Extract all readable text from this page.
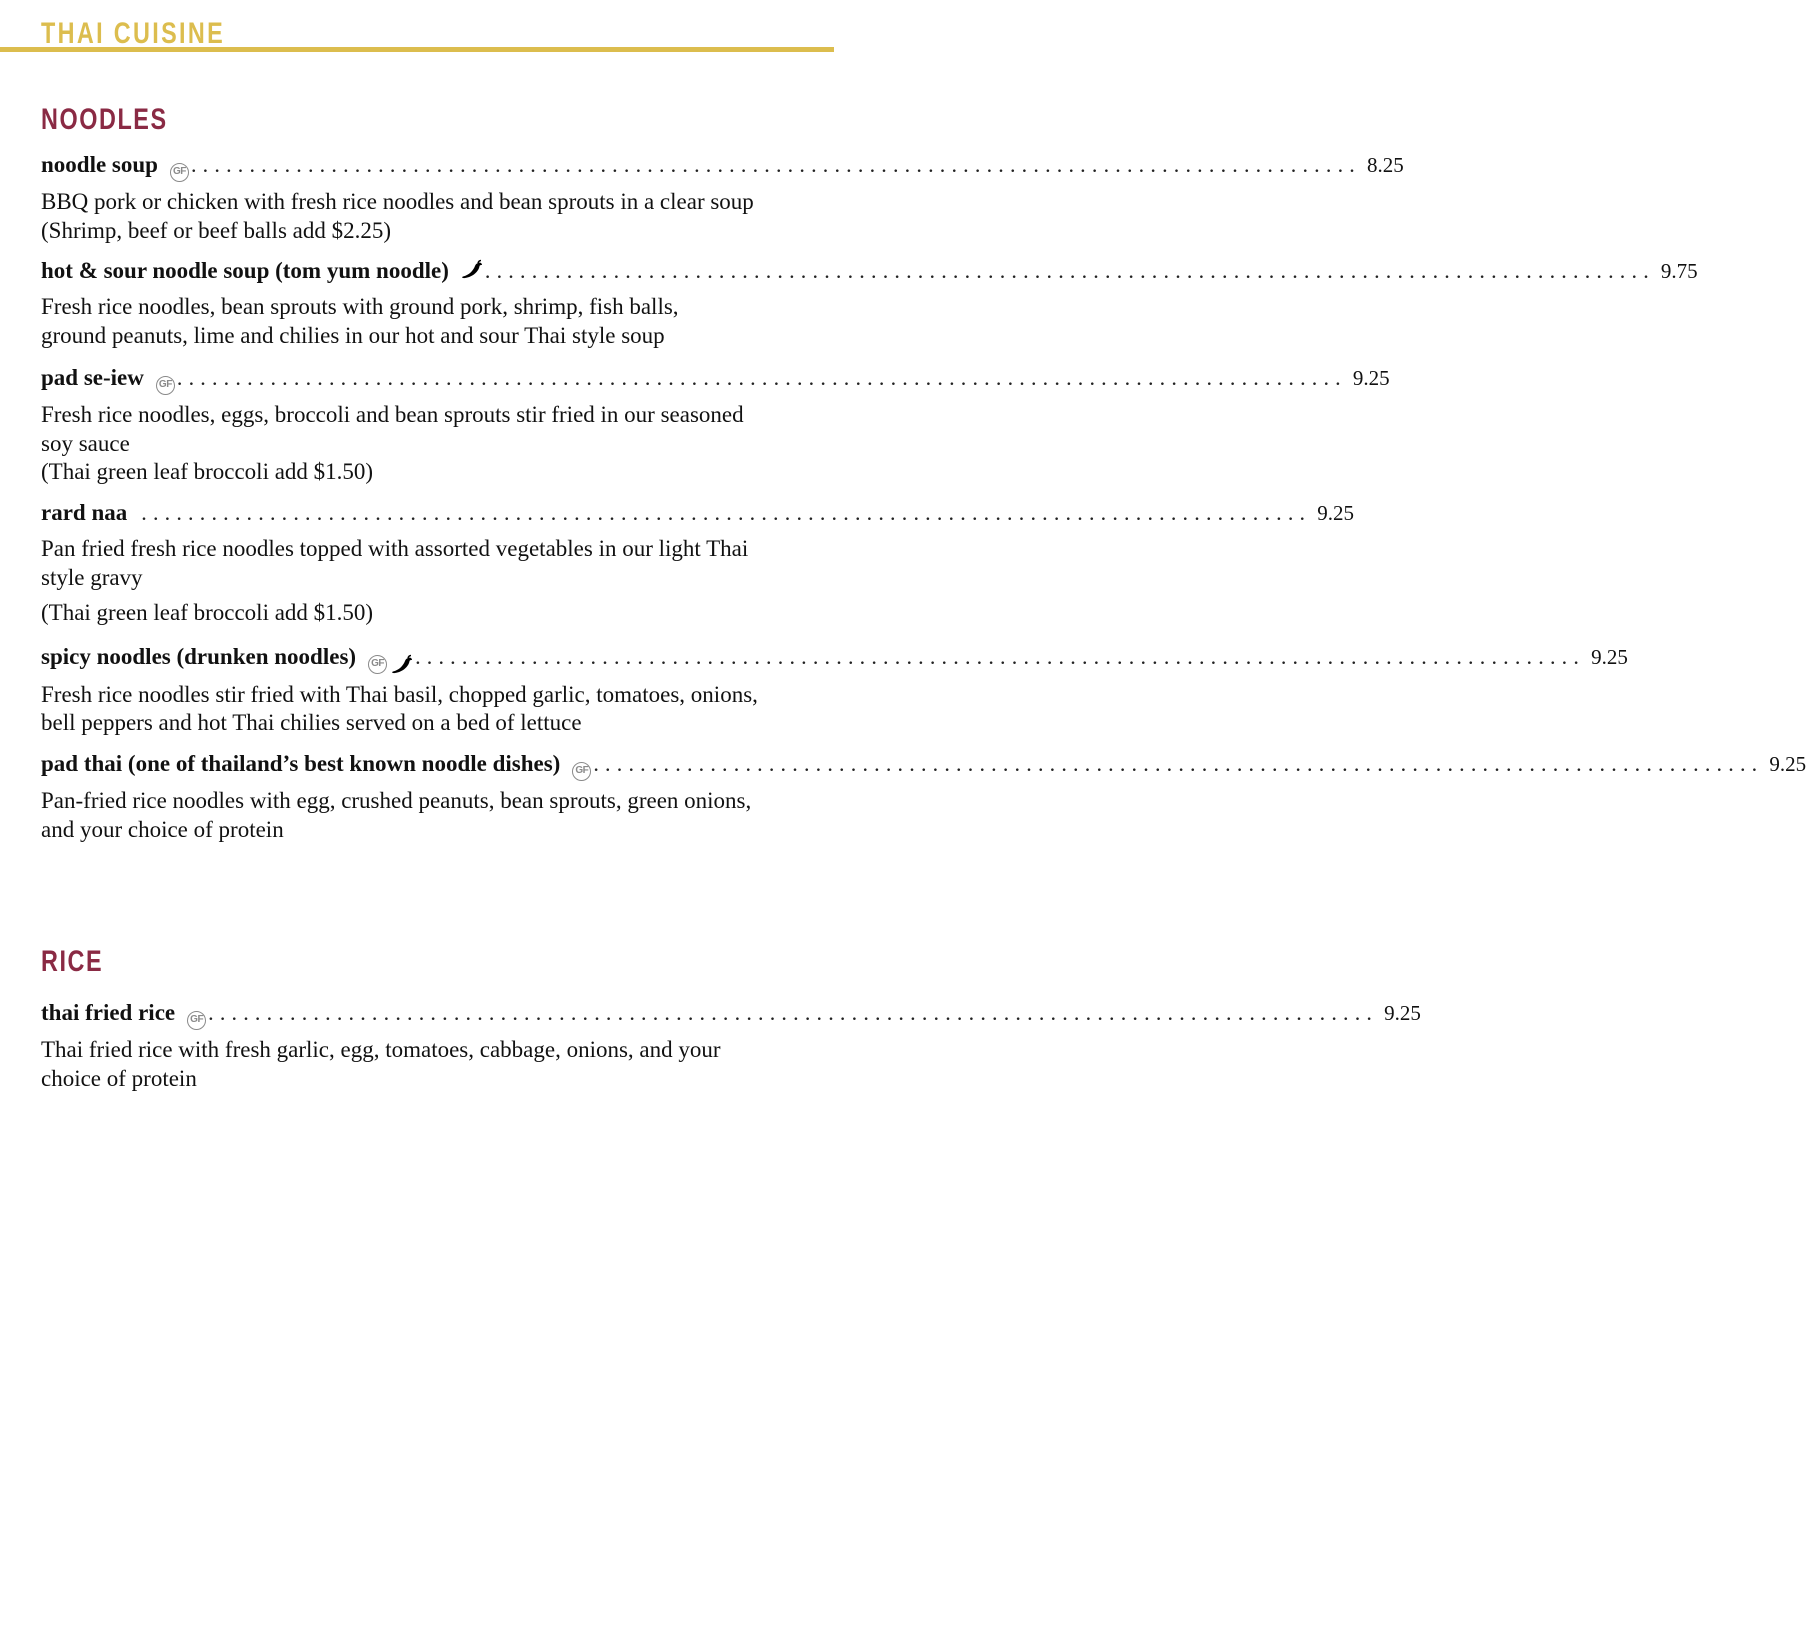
THAI CUISINE
NOODLES
noodle soup	GF .................................................................................................... 8.25
BBQ pork or chicken with fresh rice noodles and bean sprouts in a clear soup
(Shrimp, beef or beef balls add $2.25)
hot & sour noodle soup (tom yum noodle) .................................................................................................... 9.75
Fresh rice noodles, bean sprouts with ground pork, shrimp, fish balls,
ground peanuts, lime and chilies in our hot and sour Thai style soup
pad se-iew	GF .................................................................................................... 9.25
Fresh rice noodles, eggs, broccoli and bean sprouts stir fried in our seasoned
soy sauce
(Thai green leaf broccoli add $1.50)
rard naa .................................................................................................... 9.25
Pan fried fresh rice noodles topped with assorted vegetables in our light Thai
style gravy
(Thai green leaf broccoli add $1.50)
spicy noodles (drunken noodles)	GF .................................................................................................... 9.25
Fresh rice noodles stir fried with Thai basil, chopped garlic, tomatoes, onions,
bell peppers and hot Thai chilies served on a bed of lettuce
pad thai (one of thailand’s best known noodle dishes)	GF .................................................................................................... 9.25
Pan-fried rice noodles with egg, crushed peanuts, bean sprouts, green onions,
and your choice of protein
RICE
thai fried rice	GF .................................................................................................... 9.25
Thai fried rice with fresh garlic, egg, tomatoes, cabbage, onions, and your
choice of protein
